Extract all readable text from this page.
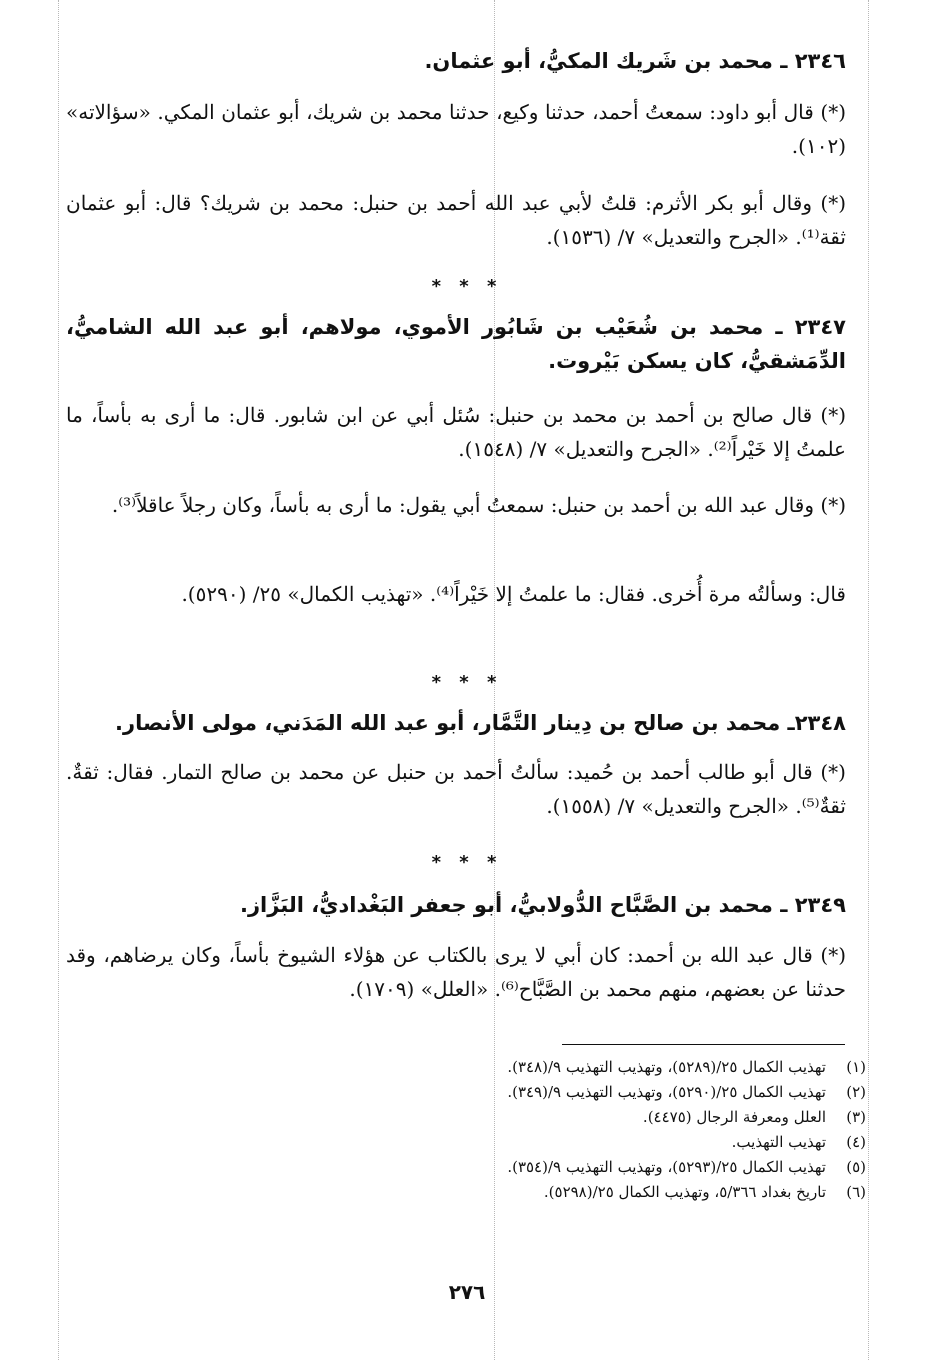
٢٣٤٦ ـ محمد بن شَريك المكيُّ، أبو عثمان.
(*) قال أبو داود: سمعتُ أحمد، حدثنا وكيع، حدثنا محمد بن شريك، أبو عثمان المكي. «سؤالاته» (١٠٢).
(*) وقال أبو بكر الأثرم: قلتُ لأبي عبد الله أحمد بن حنبل: محمد بن شريك؟ قال: أبو عثمان ثقة⁽¹⁾. «الجرح والتعديل» ٧/ (١٥٣٦).
* * *
٢٣٤٧ ـ محمد بن شُعَيْب بن شَابُور الأموي، مولاهم، أبو عبد الله الشاميُّ، الدِّمَشقيُّ، كان يسكن بَيْروت.
(*) قال صالح بن أحمد بن محمد بن حنبل: سُئل أبي عن ابن شابور. قال: ما أرى به بأساً، ما علمتُ إلا خَيْراً⁽²⁾. «الجرح والتعديل» ٧/ (١٥٤٨).
(*) وقال عبد الله بن أحمد بن حنبل: سمعتُ أبي يقول: ما أرى به بأساً، وكان رجلاً عاقلاً⁽³⁾.
قال: وسألتُه مرة أُخرى. فقال: ما علمتُ إلا خَيْراً⁽⁴⁾. «تهذيب الكمال» ٢٥/ (٥٢٩٠).
* * *
٢٣٤٨ـ محمد بن صالح بن دِينار التَّمَّار، أبو عبد الله المَدَني، مولى الأنصار.
(*) قال أبو طالب أحمد بن حُميد: سألتُ أحمد بن حنبل عن محمد بن صالح التمار. فقال: ثقةٌ. ثقةٌ⁽⁵⁾. «الجرح والتعديل» ٧/ (١٥٥٨).
* * *
٢٣٤٩ ـ محمد بن الصَّبَّاح الدُّولابيُّ، أبو جعفر البَغْداديُّ، البَزَّاز.
(*) قال عبد الله بن أحمد: كان أبي لا يرى بالكتاب عن هؤلاء الشيوخ بأساً، وكان يرضاهم، وقد حدثنا عن بعضهم، منهم محمد بن الصَّبَّاح⁽⁶⁾. «العلل» (١٧٠٩).
(١)تهذيب الكمال ٢٥/(٥٢٨٩)، وتهذيب التهذيب ٩/(٣٤٨).
(٢)تهذيب الكمال ٢٥/(٥٢٩٠)، وتهذيب التهذيب ٩/(٣٤٩).
(٣)العلل ومعرفة الرجال (٤٤٧٥).
(٤)تهذيب التهذيب.
(٥)تهذيب الكمال ٢٥/(٥٢٩٣)، وتهذيب التهذيب ٩/(٣٥٤).
(٦)تاريخ بغداد ٥/٣٦٦، وتهذيب الكمال ٢٥/(٥٢٩٨).
٢٧٦
